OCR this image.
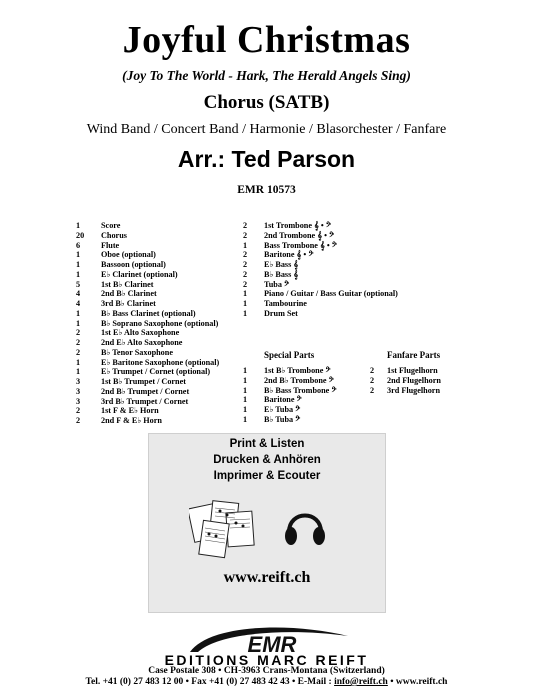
Joyful Christmas
(Joy To The World - Hark, The Herald Angels Sing)
Chorus (SATB)
Wind Band / Concert Band / Harmonie / Blasorchester / Fanfare
Arr.: Ted Parson
EMR 10573
1	Score
20	Chorus
6	Flute
1	Oboe (optional)
1	Bassoon (optional)
1	E♭ Clarinet (optional)
5	1st B♭ Clarinet
4	2nd B♭ Clarinet
4	3rd B♭ Clarinet
1	B♭ Bass Clarinet (optional)
1	B♭ Soprano Saxophone (optional)
2	1st E♭ Alto Saxophone
2	2nd E♭ Alto Saxophone
2	B♭ Tenor Saxophone
1	E♭ Baritone Saxophone (optional)
1	E♭ Trumpet / Cornet (optional)
3	1st B♭ Trumpet / Cornet
3	2nd B♭ Trumpet / Cornet
3	3rd B♭ Trumpet / Cornet
2	1st F & E♭ Horn
2	2nd F & E♭ Horn
2	1st Trombone 𝄞 • 𝄢
2	2nd Trombone 𝄞 • 𝄢
1	Bass Trombone 𝄞 • 𝄢
2	Baritone 𝄞 • 𝄢
2	E♭ Bass 𝄞
2	B♭ Bass 𝄞
2	Tuba 𝄢
1	Piano / Guitar / Bass Guitar (optional)
1	Tambourine
1	Drum Set
Special Parts
1	1st B♭ Trombone 𝄢
1	2nd B♭ Trombone 𝄢
1	B♭ Bass Trombone 𝄢
1	Baritone 𝄢
1	E♭ Tuba 𝄢
1	B♭ Tuba 𝄢
Fanfare Parts
2	1st Flugelhorn
2	2nd Flugelhorn
2	3rd Flugelhorn
Print & Listen
Drucken & Anhören
Imprimer & Ecouter
www.reift.ch
EMR
EDITIONS MARC REIFT
Case Postale 308 • CH-3963 Crans-Montana (Switzerland)
Tel. +41 (0) 27 483 12 00 • Fax +41 (0) 27 483 42 43 • E-Mail : info@reift.ch • www.reift.ch
